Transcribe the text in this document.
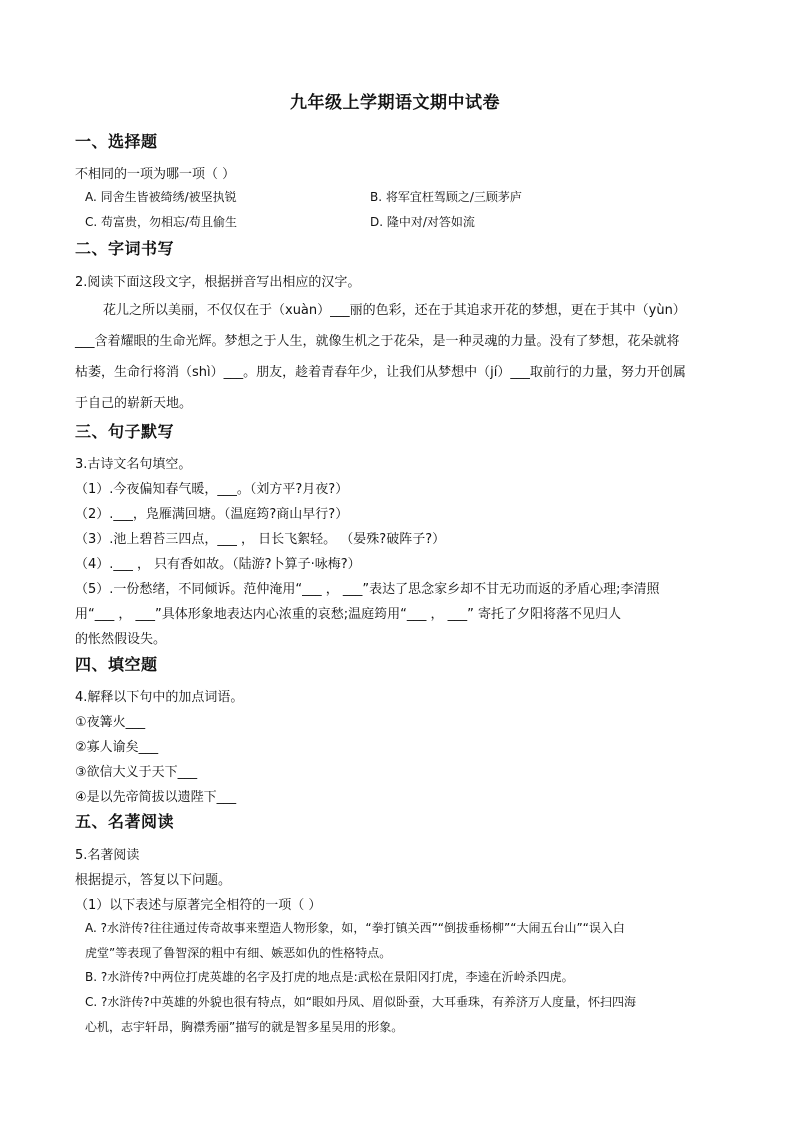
九年级上学期语文期中试卷
一、选择题
不相同的一项为哪一项（ ）
A. 同舍生皆被绮绣/被坚执锐	B. 将军宜枉驾顾之/三顾茅庐
C. 苟富贵，勿相忘/苟且偷生	D. 隆中对/对答如流
二、字词书写
2.阅读下面这段文字，根据拼音写出相应的汉字。
花儿之所以美丽，不仅仅在于（xuàn）___丽的色彩，还在于其追求开花的梦想，更在于其中（yùn）
___含着耀眼的生命光辉。梦想之于人生，就像生机之于花朵，是一种灵魂的力量。没有了梦想，花朵就将
枯萎，生命行将消（shì）___。朋友，趁着青春年少，让我们从梦想中（jí）___取前行的力量，努力开创属
于自己的崭新天地。
三、句子默写
3.古诗文名句填空。
（1）.今夜偏知春气暖，___。（刘方平?月夜?）
（2）.___，凫雁满回塘。（温庭筠?商山早行?）
（3）.池上碧苔三四点，___ ， 日长飞絮轻。 （晏殊?破阵子?）
（4）.___ ， 只有香如故。（陆游?卜算子·咏梅?）
（5）.一份愁绪，不同倾诉。范仲淹用“___ ， ___”表达了思念家乡却不甘无功而返的矛盾心理;李清照
用“___ ， ___”具体形象地表达内心浓重的哀愁;温庭筠用“___ ， ___” 寄托了夕阳将落不见归人
的怅然假设失。
四、填空题
4.解释以下句中的加点词语。
①夜篝火___
②寡人谕矣___
③欲信大义于天下___
④是以先帝简拔以遗陛下___
五、名著阅读
5.名著阅读
根据提示，答复以下问题。
（1）以下表述与原著完全相符的一项（ ）
A. ?水浒传?往往通过传奇故事来塑造人物形象，如，“拳打镇关西”“倒拔垂杨柳”“大闹五台山”“误入白
虎堂”等表现了鲁智深的粗中有细、嫉恶如仇的性格特点。
B. ?水浒传?中两位打虎英雄的名字及打虎的地点是:武松在景阳冈打虎，李逵在沂岭杀四虎。
C. ?水浒传?中英雄的外貌也很有特点，如“眼如丹凤、眉似卧蚕，大耳垂珠，有养济万人度量，怀扫四海
心机，志宇轩昂，胸襟秀丽”描写的就是智多星吴用的形象。
